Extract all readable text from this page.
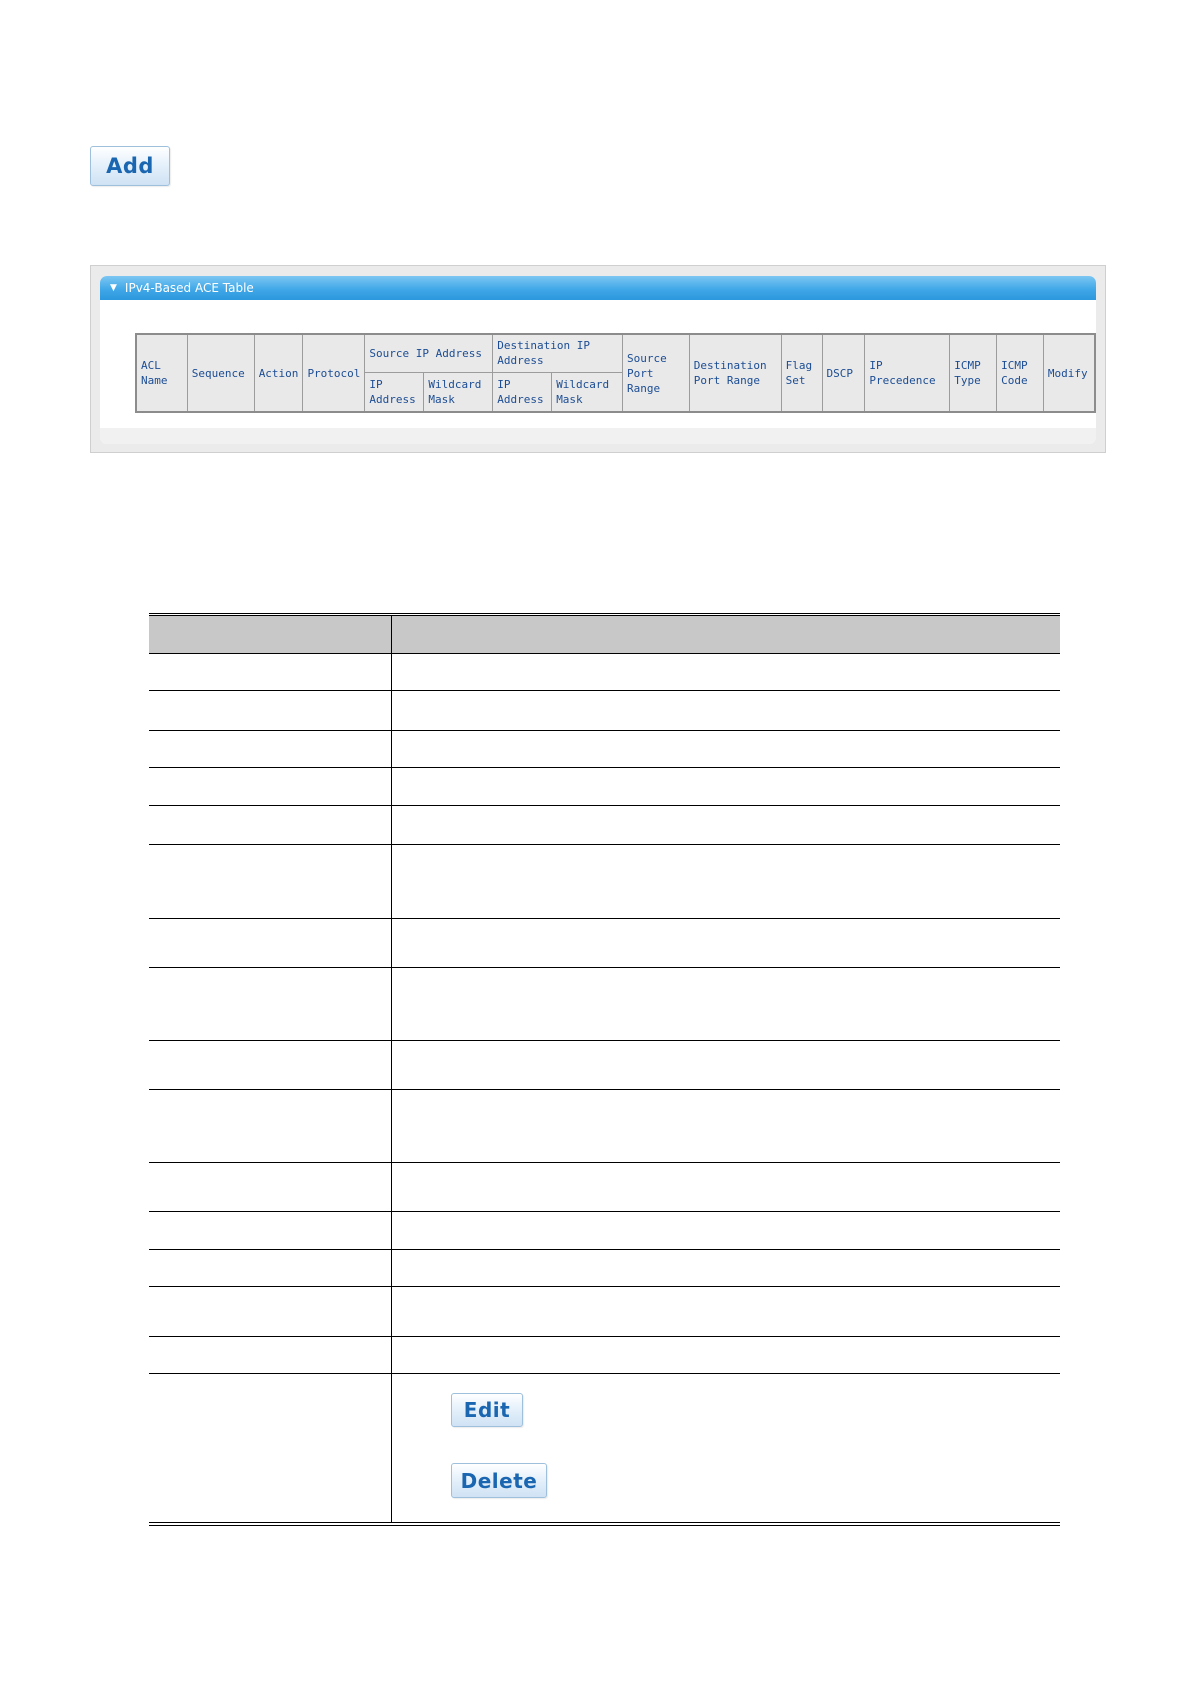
Add
▼ IPv4-Based ACE Table
ACL Name	Sequence	Action	Protocol	Source IP Address		Destination IP Address		Source Port Range	Destination Port Range	Flag Set	DSCP	IP Precedence	ICMP Type	ICMP Code	Modify
				IP Address	Wildcard Mask	IP Address	Wildcard Mask								
Edit
Delete
